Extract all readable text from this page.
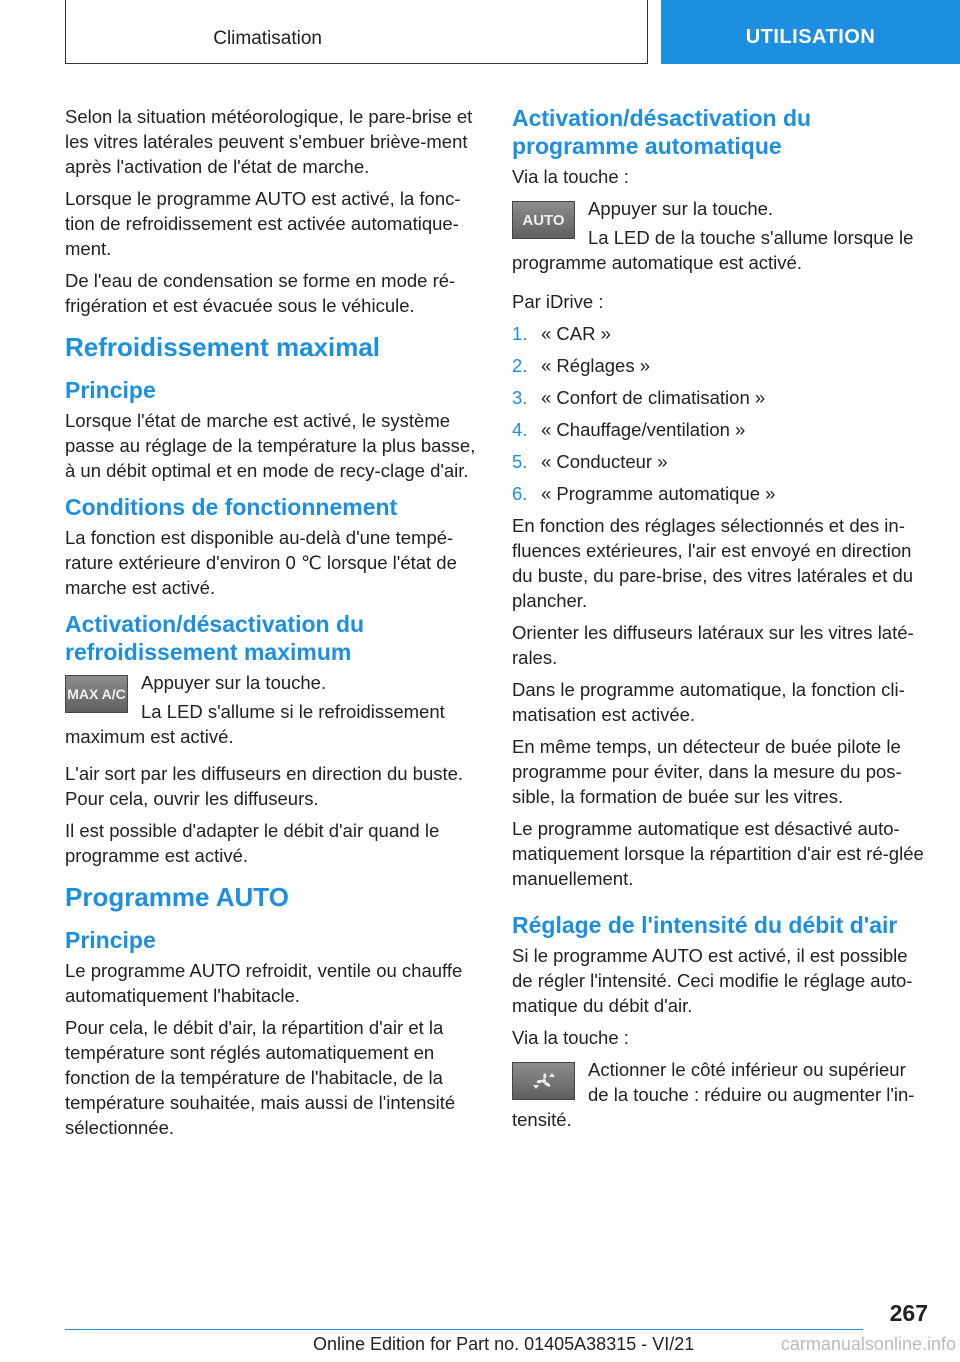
Climatisation	UTILISATION

Selon la situation météorologique, le pare-brise et les vitres latérales peuvent s'embuer briève-ment après l'activation de l'état de marche.

Lorsque le programme AUTO est activé, la fonc-tion de refroidissement est activée automatique-ment.

De l'eau de condensation se forme en mode ré-frigération et est évacuée sous le véhicule.

Refroidissement maximal
Principe

Lorsque l'état de marche est activé, le système passe au réglage de la température la plus basse, à un débit optimal et en mode de recy-clage d'air.

Conditions de fonctionnement

La fonction est disponible au-delà d'une tempé-rature extérieure d'environ 0 ℃ lorsque l'état de marche est activé.

Activation/désactivation du refroidissement maximum
MAX A/C

Appuyer sur la touche.

La LED s'allume si le refroidissement maximum est activé.

L'air sort par les diffuseurs en direction du buste. Pour cela, ouvrir les diffuseurs.

Il est possible d'adapter le débit d'air quand le programme est activé.

Programme AUTO
Principe

Le programme AUTO refroidit, ventile ou chauffe automatiquement l'habitacle.

Pour cela, le débit d'air, la répartition d'air et la température sont réglés automatiquement en fonction de la température de l'habitacle, de la température souhaitée, mais aussi de l'intensité sélectionnée.

Activation/désactivation du programme automatique

Via la touche :

AUTO

Appuyer sur la touche.

La LED de la touche s'allume lorsque le programme automatique est activé.

Par iDrive :

1. « CAR »
2. « Réglages »
3. « Confort de climatisation »
4. « Chauffage/ventilation »
5. « Conducteur »
6. « Programme automatique »

En fonction des réglages sélectionnés et des in-fluences extérieures, l'air est envoyé en direction du buste, du pare-brise, des vitres latérales et du plancher.

Orienter les diffuseurs latéraux sur les vitres laté-rales.

Dans le programme automatique, la fonction cli-matisation est activée.

En même temps, un détecteur de buée pilote le programme pour éviter, dans la mesure du pos-sible, la formation de buée sur les vitres.

Le programme automatique est désactivé auto-matiquement lorsque la répartition d'air est ré-glée manuellement.

Réglage de l'intensité du débit d'air

Si le programme AUTO est activé, il est possible de régler l'intensité. Ceci modifie le réglage auto-matique du débit d'air.

Via la touche :

Actionner le côté inférieur ou supérieur de la touche : réduire ou augmenter l'in-tensité.

267
Online Edition for Part no. 01405A38315 - VI/21	carmanualsonline.info
